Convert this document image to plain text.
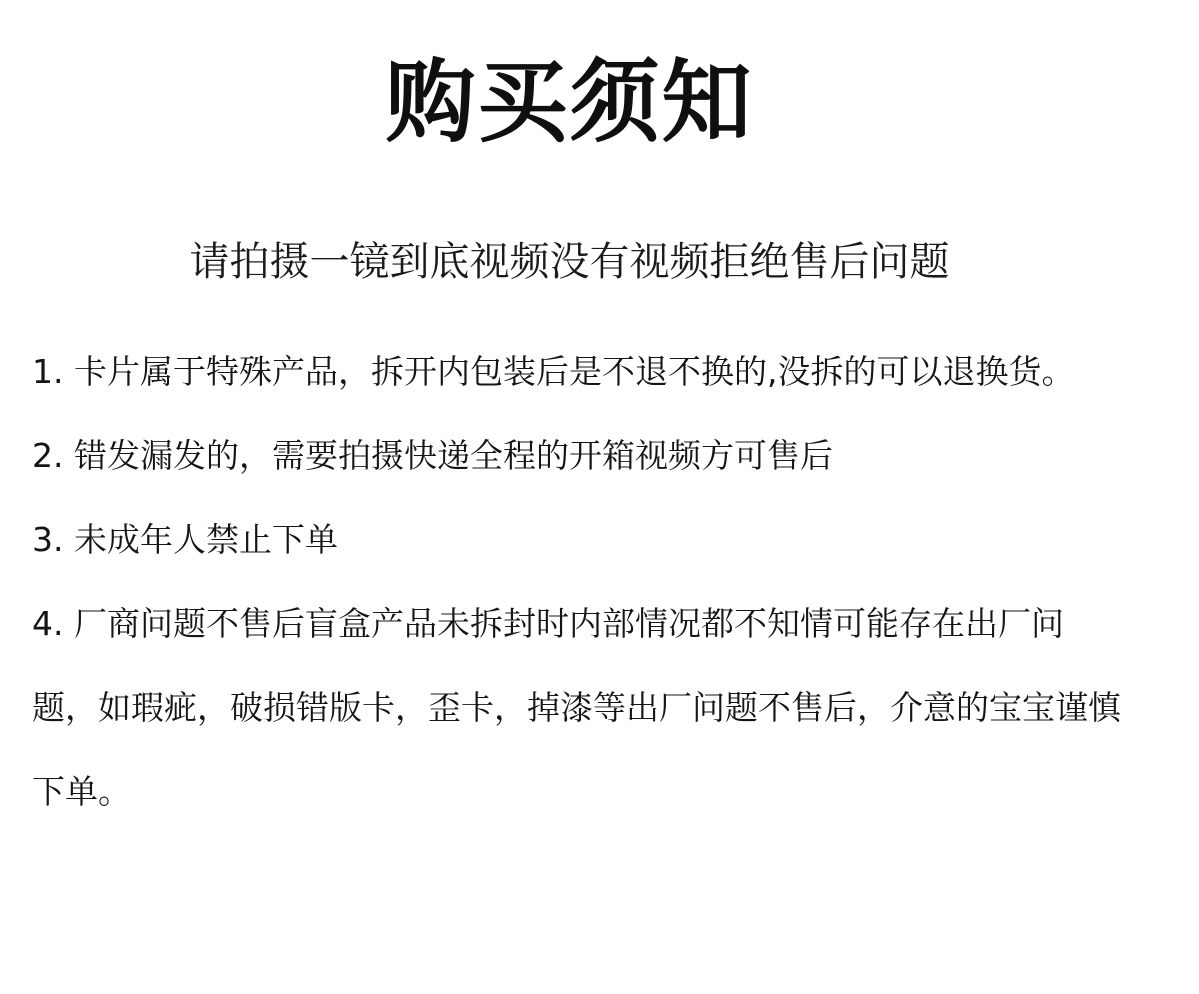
购买须知
请拍摄一镜到底视频没有视频拒绝售后问题
1. 卡片属于特殊产品，拆开内包装后是不退不换的,没拆的可以退换货。
2. 错发漏发的，需要拍摄快递全程的开箱视频方可售后
3. 未成年人禁止下单
4. 厂商问题不售后盲盒产品未拆封时内部情况都不知情可能存在出厂问题，如瑕疵，破损错版卡，歪卡，掉漆等出厂问题不售后，介意的宝宝谨慎下单。
